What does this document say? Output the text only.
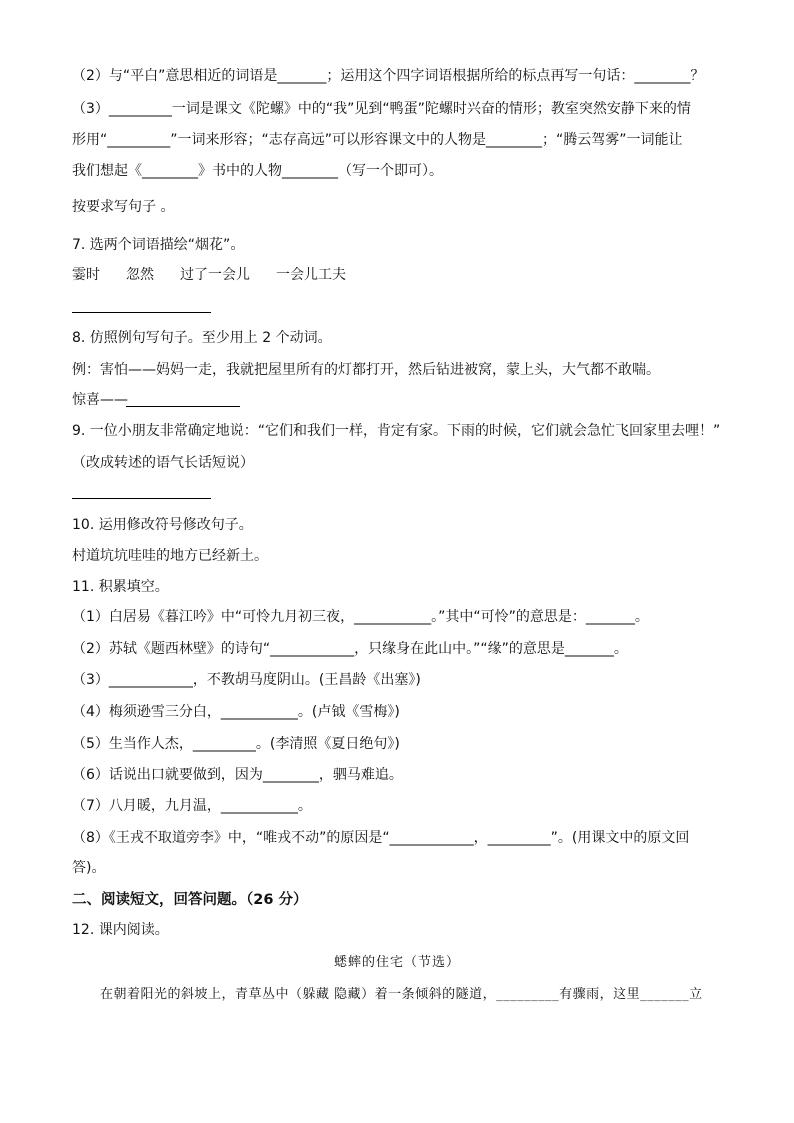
（2）与“平白”意思相近的词语是_______；运用这个四字词语根据所给的标点再写一句话：________？
（3）_________一词是课文《陀螺》中的“我”见到“鸭蛋”陀螺时兴奋的情形；教室突然安静下来的情
形用“_________”一词来形容；“志存高远”可以形容课文中的人物是________；“腾云驾雾”一词能让
我们想起《________》书中的人物________（写一个即可）。
按要求写句子 。
7. 选两个词语描绘“烟花”。
霎时 忽然 过了一会儿 一会儿工夫
8. 仿照例句写句子。至少用上 2 个动词。
例：害怕——妈妈一走，我就把屋里所有的灯都打开，然后钻进被窝，蒙上头，大气都不敢喘。
惊喜——
9. 一位小朋友非常确定地说：“它们和我们一样，肯定有家。下雨的时候，它们就会急忙飞回家里去哩！”
（改成转述的语气长话短说）
10. 运用修改符号修改句子。
村道坑坑哇哇的地方已经新土。
11. 积累填空。
（1）白居易《暮江吟》中“可怜九月初三夜，___________。”其中“可怜”的意思是：_______。
（2）苏轼《题西林壁》的诗句“____________，只缘身在此山中。”“缘”的意思是_______。
（3）____________，不教胡马度阴山。(王昌龄《出塞》)
（4）梅须逊雪三分白，___________。(卢钺《雪梅》)
（5）生当作人杰，_________。(李清照《夏日绝句》)
（6）话说出口就要做到，因为________，驷马难追。
（7）八月暖，九月温，___________。
（8）《王戎不取道旁李》中，“唯戎不动”的原因是“____________，_________”。(用课文中的原文回
答)。
二、阅读短文，回答问题。（26 分）
12. 课内阅读。
蟋蟀的住宅（节选）
在朝着阳光的斜坡上，青草丛中（躲藏 隐藏）着一条倾斜的隧道，_________有骤雨，这里_______立
